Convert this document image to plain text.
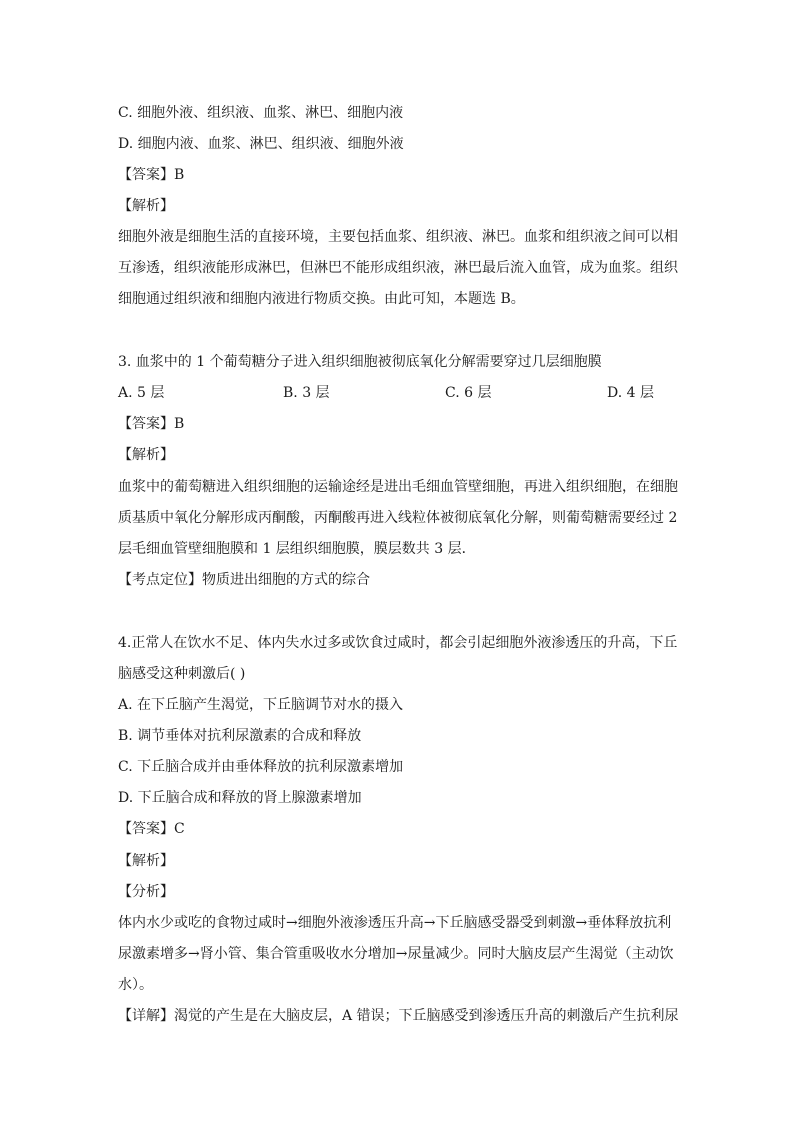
C. 细胞外液、组织液、血浆、淋巴、细胞内液
D. 细胞内液、血浆、淋巴、组织液、细胞外液
【答案】B
【解析】
细胞外液是细胞生活的直接环境，主要包括血浆、组织液、淋巴。血浆和组织液之间可以相
互渗透，组织液能形成淋巴，但淋巴不能形成组织液，淋巴最后流入血管，成为血浆。组织
细胞通过组织液和细胞内液进行物质交换。由此可知，本题选 B。
3. 血浆中的 1 个葡萄糖分子进入组织细胞被彻底氧化分解需要穿过几层细胞膜
A. 5 层	B. 3 层	C. 6 层	D. 4 层
【答案】B
【解析】
血浆中的葡萄糖进入组织细胞的运输途经是进出毛细血管壁细胞，再进入组织细胞，在细胞
质基质中氧化分解形成丙酮酸，丙酮酸再进入线粒体被彻底氧化分解，则葡萄糖需要经过 2
层毛细血管壁细胞膜和 1 层组织细胞膜，膜层数共 3 层．
【考点定位】物质进出细胞的方式的综合
4.正常人在饮水不足、体内失水过多或饮食过咸时，都会引起细胞外液渗透压的升高，下丘
脑感受这种刺激后( )
A. 在下丘脑产生渴觉，下丘脑调节对水的摄入
B. 调节垂体对抗利尿激素的合成和释放
C. 下丘脑合成并由垂体释放的抗利尿激素增加
D. 下丘脑合成和释放的肾上腺激素增加
【答案】C
【解析】
【分析】
体内水少或吃的食物过咸时→细胞外液渗透压升高→下丘脑感受器受到刺激→垂体释放抗利
尿激素增多→肾小管、集合管重吸收水分增加→尿量减少。同时大脑皮层产生渴觉（主动饮
水）。
【详解】渴觉的产生是在大脑皮层，A 错误；下丘脑感受到渗透压升高的刺激后产生抗利尿
